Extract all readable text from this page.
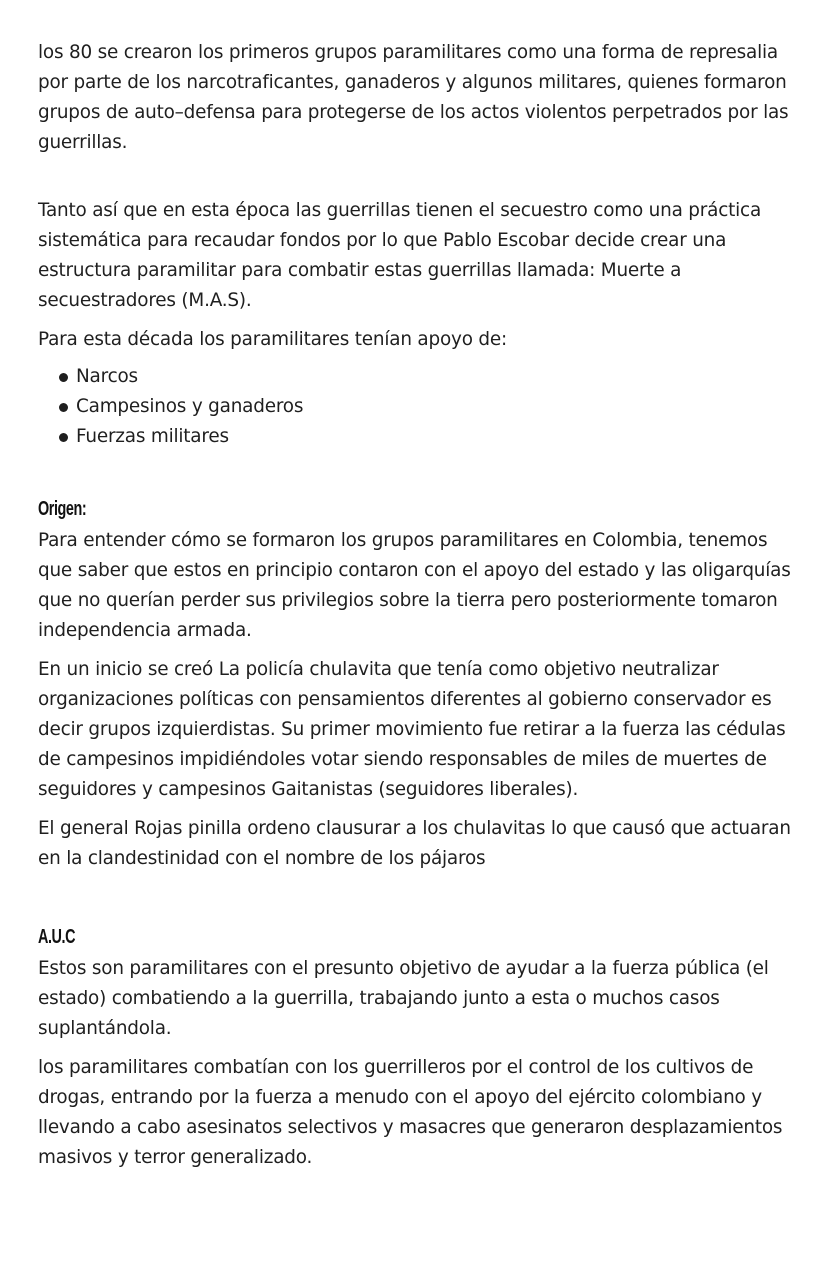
los 80 se crearon los primeros grupos paramilitares como una forma de represalia por parte de los narcotraficantes, ganaderos y algunos militares, quienes formaron grupos de auto–defensa para protegerse de los actos violentos perpetrados por las guerrillas.

Tanto así que en esta época las guerrillas tienen el secuestro como una práctica sistemática para recaudar fondos por lo que Pablo Escobar decide crear una estructura paramilitar para combatir estas guerrillas llamada: Muerte a secuestradores (M.A.S).

Para esta década los paramilitares tenían apoyo de:

Narcos
Campesinos y ganaderos
Fuerzas militares
Origen:

Para entender cómo se formaron los grupos paramilitares en Colombia, tenemos que saber que estos en principio contaron con el apoyo del estado y las oligarquías que no querían perder sus privilegios sobre la tierra pero posteriormente tomaron independencia armada.

En un inicio se creó La policía chulavita que tenía como objetivo neutralizar organizaciones políticas con pensamientos diferentes al gobierno conservador es decir grupos izquierdistas. Su primer movimiento fue retirar a la fuerza las cédulas de campesinos impidiéndoles votar siendo responsables de miles de muertes de seguidores y campesinos Gaitanistas (seguidores liberales).

El general Rojas pinilla ordeno clausurar a los chulavitas lo que causó que actuaran en la clandestinidad con el nombre de los pájaros

A.U.C

Estos son paramilitares con el presunto objetivo de ayudar a la fuerza pública (el estado) combatiendo a la guerrilla, trabajando junto a esta o muchos casos suplantándola.

los paramilitares combatían con los guerrilleros por el control de los cultivos de drogas, entrando por la fuerza a menudo con el apoyo del ejército colombiano y llevando a cabo asesinatos selectivos y masacres que generaron desplazamientos masivos y terror generalizado.
